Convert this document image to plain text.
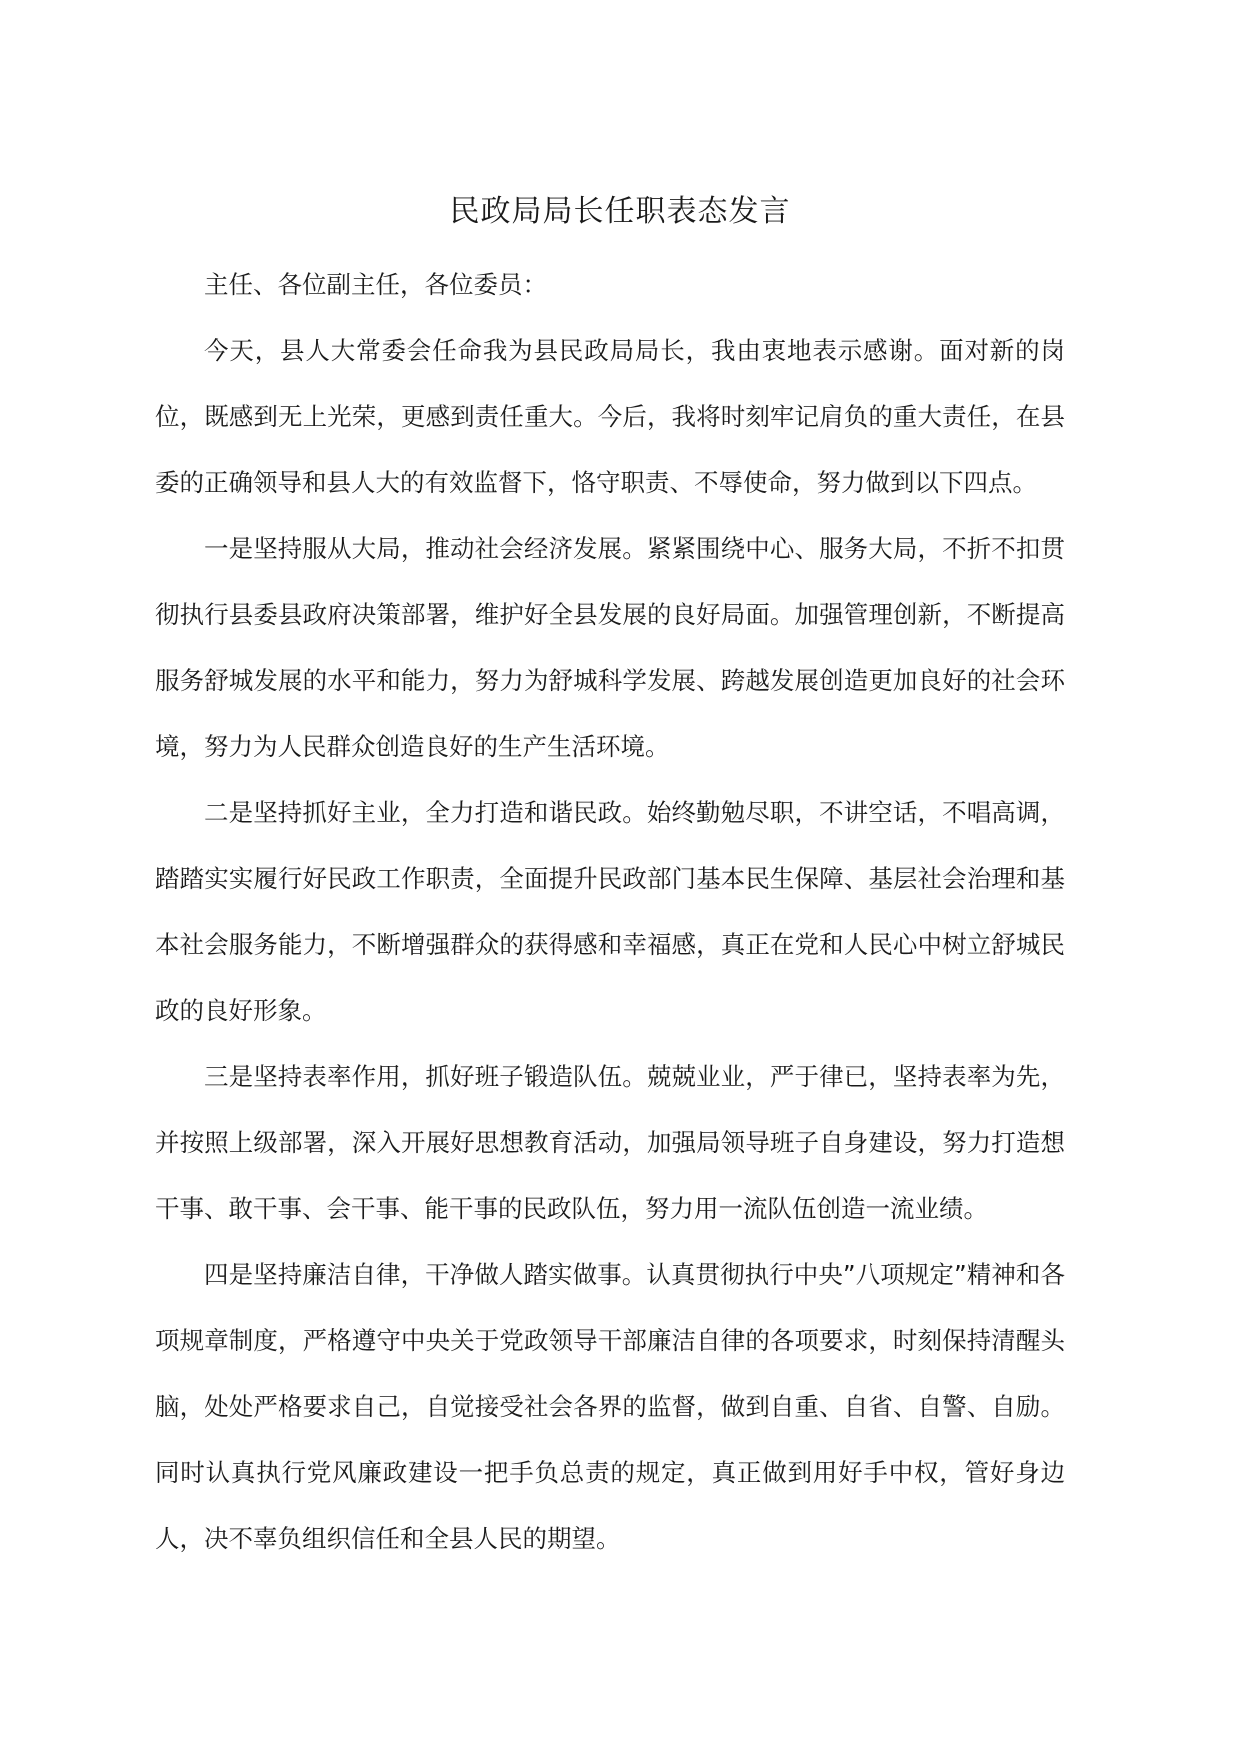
民政局局长任职表态发言

主任、各位副主任，各位委员：

今天，县人大常委会任命我为县民政局局长，我由衷地表示感谢。面对新的岗位，既感到无上光荣，更感到责任重大。今后，我将时刻牢记肩负的重大责任，在县委的正确领导和县人大的有效监督下，恪守职责、不辱使命，努力做到以下四点。

一是坚持服从大局，推动社会经济发展。紧紧围绕中心、服务大局，不折不扣贯彻执行县委县政府决策部署，维护好全县发展的良好局面。加强管理创新，不断提高服务舒城发展的水平和能力，努力为舒城科学发展、跨越发展创造更加良好的社会环境，努力为人民群众创造良好的生产生活环境。

二是坚持抓好主业，全力打造和谐民政。始终勤勉尽职，不讲空话，不唱高调，踏踏实实履行好民政工作职责，全面提升民政部门基本民生保障、基层社会治理和基本社会服务能力，不断增强群众的获得感和幸福感，真正在党和人民心中树立舒城民政的良好形象。

三是坚持表率作用，抓好班子锻造队伍。兢兢业业，严于律已，坚持表率为先，并按照上级部署，深入开展好思想教育活动，加强局领导班子自身建设，努力打造想干事、敢干事、会干事、能干事的民政队伍，努力用一流队伍创造一流业绩。

四是坚持廉洁自律，干净做人踏实做事。认真贯彻执行中央”八项规定”精神和各项规章制度，严格遵守中央关于党政领导干部廉洁自律的各项要求，时刻保持清醒头脑，处处严格要求自己，自觉接受社会各界的监督，做到自重、自省、自警、自励。同时认真执行党风廉政建设一把手负总责的规定，真正做到用好手中权，管好身边人，决不辜负组织信任和全县人民的期望。
